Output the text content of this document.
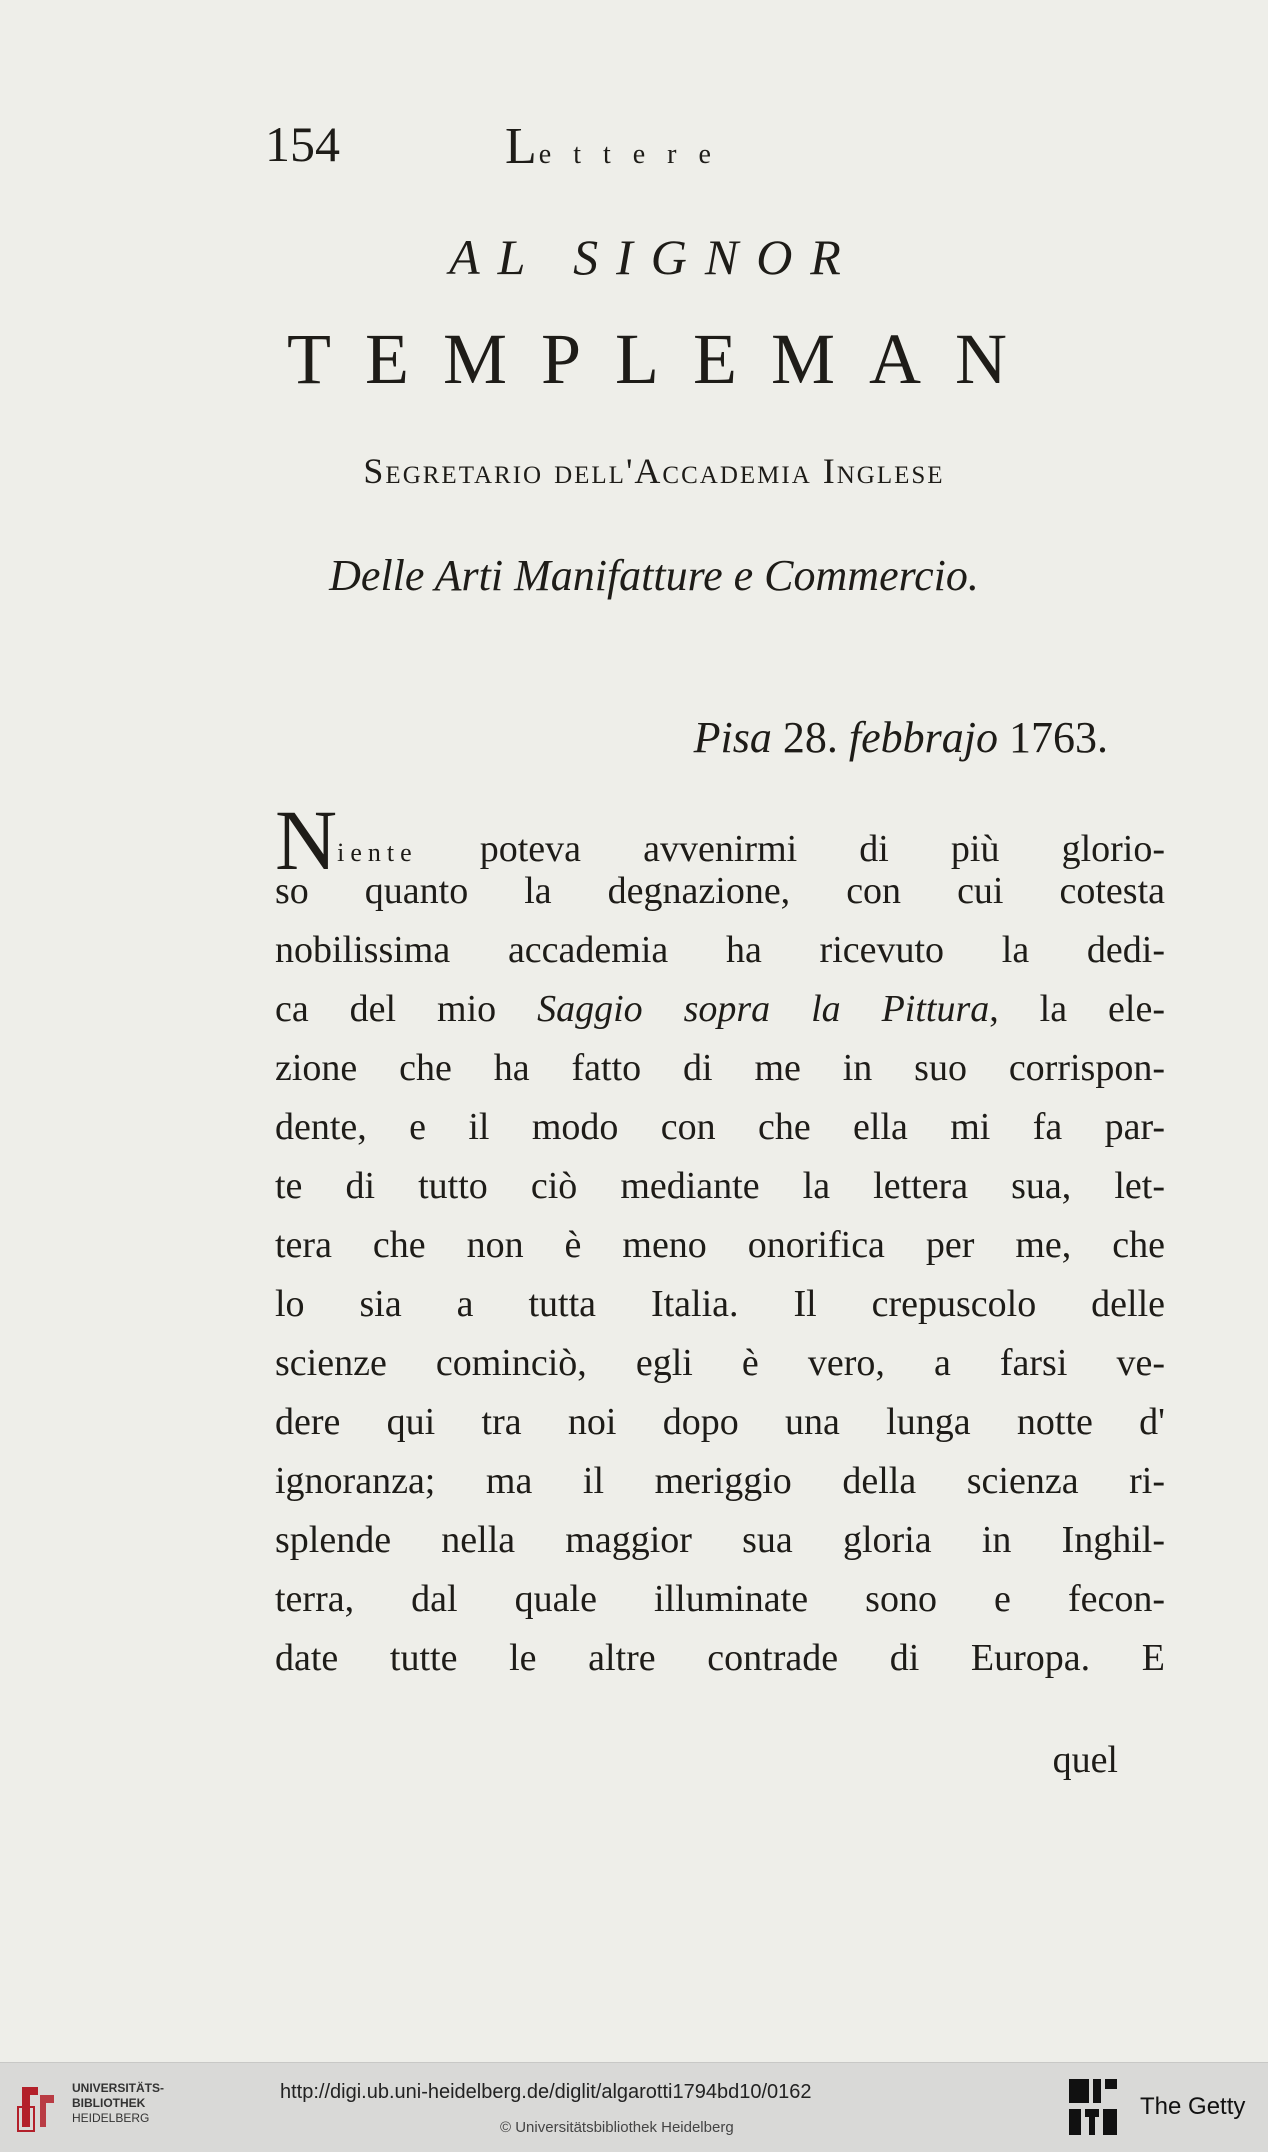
154	Lettere
AL SIGNOR
TEMPLEMAN
Segretario dell'Accademia Inglese
Delle Arti Manifatture e Commercio.
Pisa 28. febbrajo 1763.
Niente poteva avvenirmi di più glorio-
so quanto la degnazione, con cui cotesta
nobilissima accademia ha ricevuto la dedi-
ca del mio Saggio sopra la Pittura, la ele-
zione che ha fatto di me in suo corrispon-
dente, e il modo con che ella mi fa par-
te di tutto ciò mediante la lettera sua, let-
tera che non è meno onorifica per me, che
lo sia a tutta Italia. Il crepuscolo delle
scienze cominciò, egli è vero, a farsi ve-
dere qui tra noi dopo una lunga notte d'
ignoranza; ma il meriggio della scienza ri-
splende nella maggior sua gloria in Inghil-
terra, dal quale illuminate sono e fecon-
date tutte le altre contrade di Europa. E
quel
UNIVERSITÄTS-
BIBLIOTHEK
HEIDELBERG
http://digi.ub.uni-heidelberg.de/diglit/algarotti1794bd10/0162
© Universitätsbibliothek Heidelberg
The Getty
